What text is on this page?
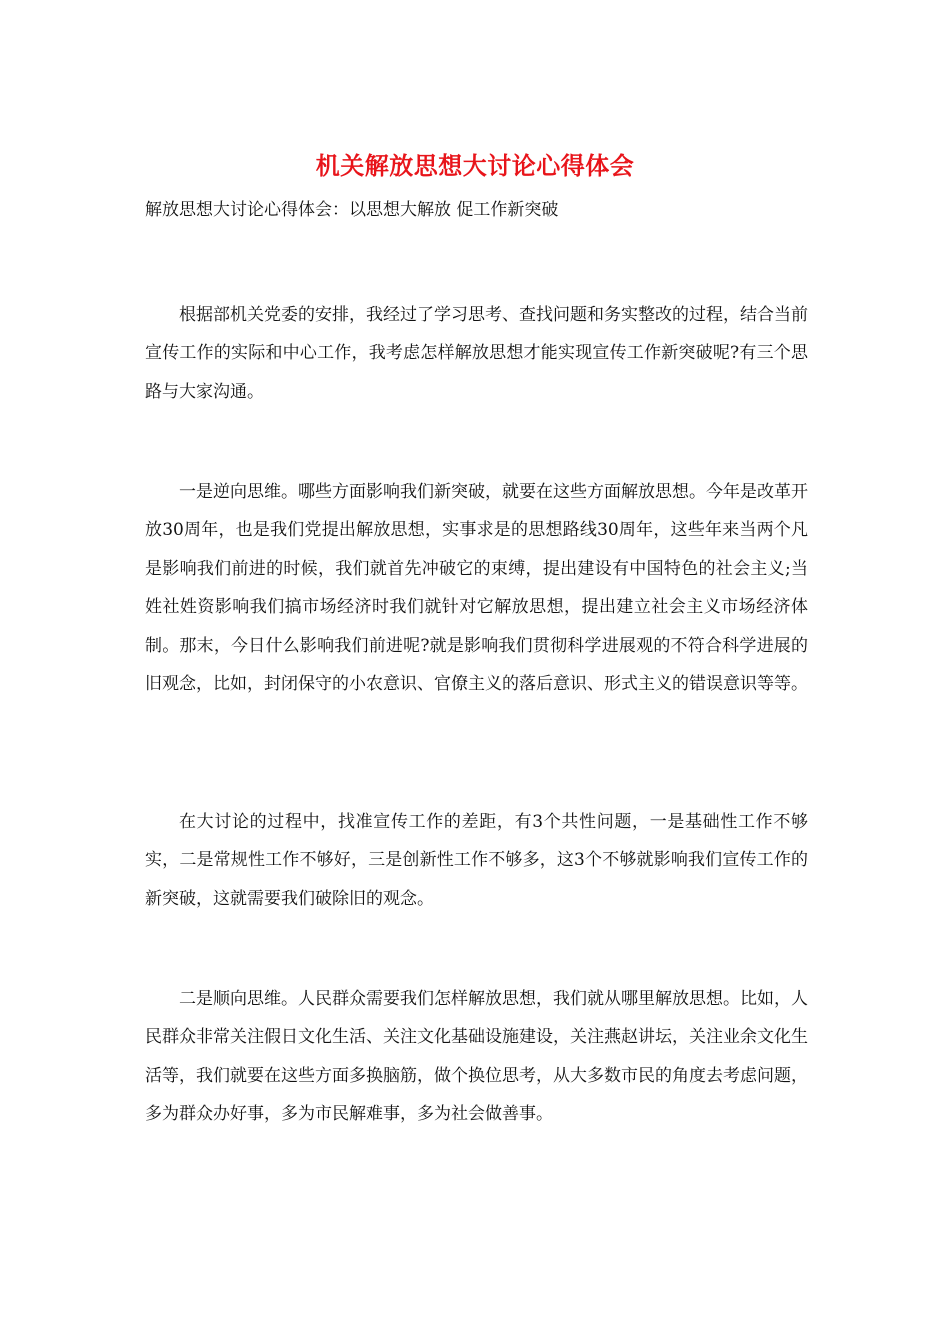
机关解放思想大讨论心得体会
解放思想大讨论心得体会：以思想大解放 促工作新突破

根据部机关党委的安排，我经过了学习思考、查找问题和务实整改的过程，结合当前宣传工作的实际和中心工作，我考虑怎样解放思想才能实现宣传工作新突破呢?有三个思路与大家沟通。

一是逆向思维。哪些方面影响我们新突破，就要在这些方面解放思想。今年是改革开放30周年，也是我们党提出解放思想，实事求是的思想路线30周年，这些年来当两个凡是影响我们前进的时候，我们就首先冲破它的束缚，提出建设有中国特色的社会主义;当姓社姓资影响我们搞市场经济时我们就针对它解放思想，提出建立社会主义市场经济体制。那末，今日什么影响我们前进呢?就是影响我们贯彻科学进展观的不符合科学进展的旧观念，比如，封闭保守的小农意识、官僚主义的落后意识、形式主义的错误意识等等。

在大讨论的过程中，找准宣传工作的差距，有3个共性问题，一是基础性工作不够实，二是常规性工作不够好，三是创新性工作不够多，这3个不够就影响我们宣传工作的新突破，这就需要我们破除旧的观念。

二是顺向思维。人民群众需要我们怎样解放思想，我们就从哪里解放思想。比如，人民群众非常关注假日文化生活、关注文化基础设施建设，关注燕赵讲坛，关注业余文化生活等，我们就要在这些方面多换脑筋，做个换位思考，从大多数市民的角度去考虑问题，多为群众办好事，多为市民解难事，多为社会做善事。
